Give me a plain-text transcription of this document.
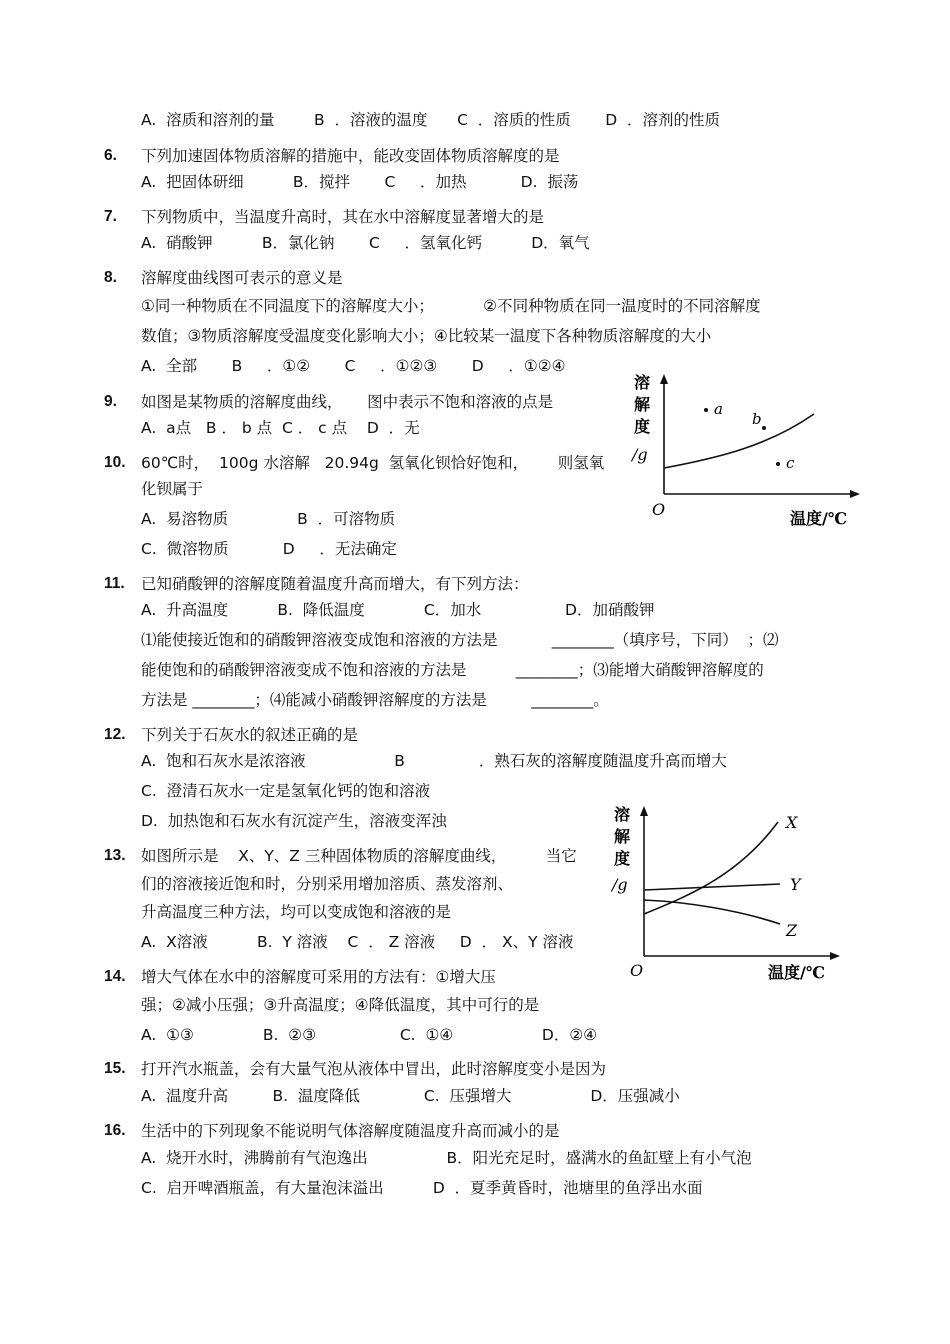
6.
7.
8.
9.
10.
11.
12.
13.
14.
15.
16.
A.  溶质和溶剂的量        B  ．溶液的温度      C  ．溶质的性质       D  ．溶剂的性质
下列加速固体物质溶解的措施中，能改变固体物质溶解度的是
A.  把固体研细          B．搅拌       C     ．加热           D.  振荡
下列物质中，当温度升高时，其在水中溶解度显著增大的是
A.  硝酸钾          B．氯化钠       C     ．氢氧化钙          D．氧气
溶解度曲线图可表示的意义是
①同一种物质在不同温度下的溶解度大小；          ②不同种物质在同一温度时的不同溶解度
数值；③物质溶解度受温度变化影响大小；④比较某一温度下各种物质溶解度的大小
A.  全部       B     ．①②       C     ．①②③       D     ．①②④
如图是某物质的溶解度曲线，     图中表示不饱和溶液的点是
A.  a点   B ． b 点  C ． c 点    D  ．无
60℃时，  100g 水溶解   20.94g  氢氧化钡恰好饱和，      则氢氧
化钡属于
A.  易溶物质              B  ．可溶物质
C.  微溶物质           D     ．无法确定
已知硝酸钾的溶解度随着温度升高而增大，有下列方法：
A.  升高温度          B.  降低温度            C．加水                 D．加硝酸钾
⑴能使接近饱和的硝酸钾溶液变成饱和溶液的方法是           ________（填序号，下同）  ；⑵
能使饱和的硝酸钾溶液变成不饱和溶液的方法是          ________；⑶能增大硝酸钾溶解度的
方法是 ________；⑷能减小硝酸钾溶解度的方法是         ________。
下列关于石灰水的叙述正确的是
A.  饱和石灰水是浓溶液                  B               ．熟石灰的溶解度随温度升高而增大
C.  澄清石灰水一定是氢氧化钙的饱和溶液
D.  加热饱和石灰水有沉淀产生，溶液变浑浊
如图所示是    X、Y、Z 三种固体物质的溶解度曲线，        当它
们的溶液接近饱和时，分别采用增加溶质、蒸发溶剂、
升高温度三种方法，均可以变成饱和溶液的是
A.  X溶液          B.  Y 溶液    C  ． Z 溶液     D  ． X、Y 溶液
增大气体在水中的溶解度可采用的方法有：①增大压
强；②减小压强；③升高温度；④降低温度，其中可行的是
A.  ①③              B.  ②③                 C.  ①④                  D．②④
打开汽水瓶盖，会有大量气泡从液体中冒出，此时溶解度变小是因为
A.  温度升高         B.  温度降低             C.  压强增大                D．压强减小
生活中的下列现象不能说明气体溶解度随温度升高而减小的是
A.  烧开水时，沸腾前有气泡逸出                B．阳光充足时，盛满水的鱼缸壁上有小气泡
C.  启开啤酒瓶盖，有大量泡沫溢出          D  ．夏季黄昏时，池塘里的鱼浮出水面
溶
解
度
/g
a
b
c
O	温度/℃
溶
解
度
/g
X
Y
Z
O	温度/℃
